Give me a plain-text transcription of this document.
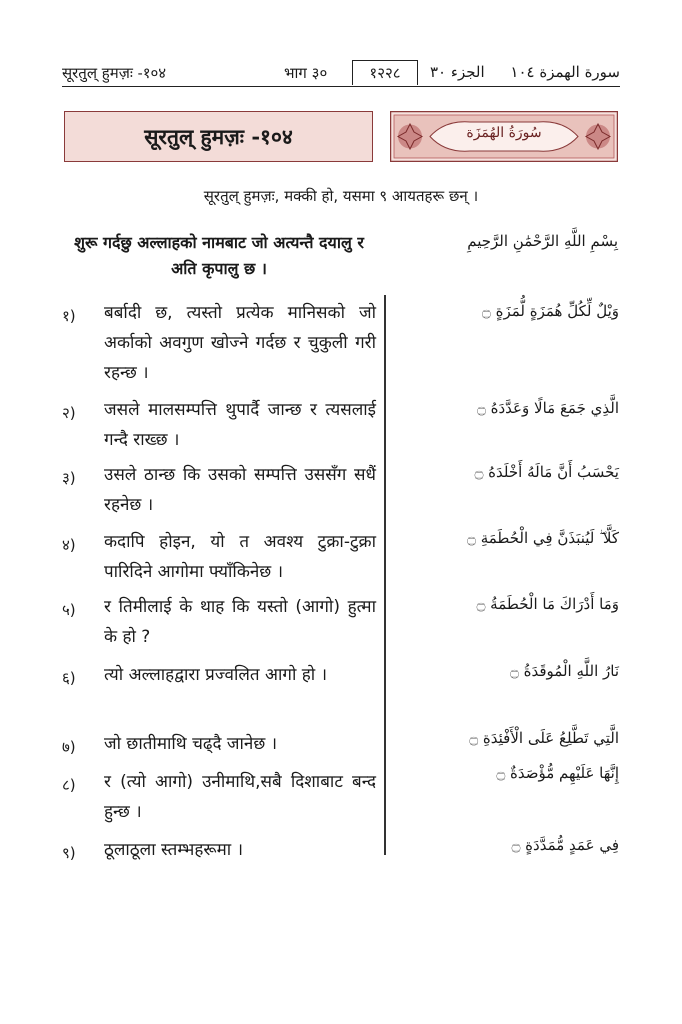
सूरतुल् हुमज़ः -१०४	भाग ३०	१२२८	الجزء ٣٠ سورة الهمزة ١٠٤
सूरतुल् हुमज़ः -१०४	سُورَةُ الهُمَزَة
सूरतुल् हुमज़ः, मक्की हो, यसमा ९ आयतहरू छन् ।
शुरू गर्दछु अल्लाहको नामबाट जो अत्यन्तै दयालु र अति कृपालु छ ।
بِسْمِ اللَّهِ الرَّحْمَٰنِ الرَّحِيمِ
१) बर्बादी छ, त्यस्तो प्रत्येक मानिसको जो अर्काको अवगुण खोज्ने गर्दछ र चुकुली गरी रहन्छ ।
وَيْلٌ لِّكُلِّ هُمَزَةٍ لُّمَزَةٍ ۝
२) जसले मालसम्पत्ति थुपार्दै जान्छ र त्यसलाई गन्दै राख्छ ।
الَّذِي جَمَعَ مَالًا وَعَدَّدَهُ ۝
३) उसले ठान्छ कि उसको सम्पत्ति उससँग सधैं रहनेछ ।
يَحْسَبُ أَنَّ مَالَهُ أَخْلَدَهُ ۝
४) कदापि होइन, यो त अवश्य टुक्रा-टुक्रा पारिदिने आगोमा फ्याँकिनेछ ।
كَلَّا ۖ لَيُنبَذَنَّ فِي الْحُطَمَةِ ۝
५) र तिमीलाई के थाह कि यस्तो (आगो) हुत्मा के हो ?
وَمَا أَدْرَاكَ مَا الْحُطَمَةُ ۝
६) त्यो अल्लाहद्वारा प्रज्वलित आगो हो ।	نَارُ اللَّهِ الْمُوقَدَةُ ۝
७) जो छातीमाथि चढ्दै जानेछ ।	الَّتِي تَطَّلِعُ عَلَى الْأَفْئِدَةِ ۝
८) र (त्यो आगो) उनीमाथि,सबै दिशाबाट बन्द हुन्छ ।
إِنَّهَا عَلَيْهِم مُّؤْصَدَةٌ ۝
९) ठूलाठूला स्तम्भहरूमा ।	فِي عَمَدٍ مُّمَدَّدَةٍ ۝
